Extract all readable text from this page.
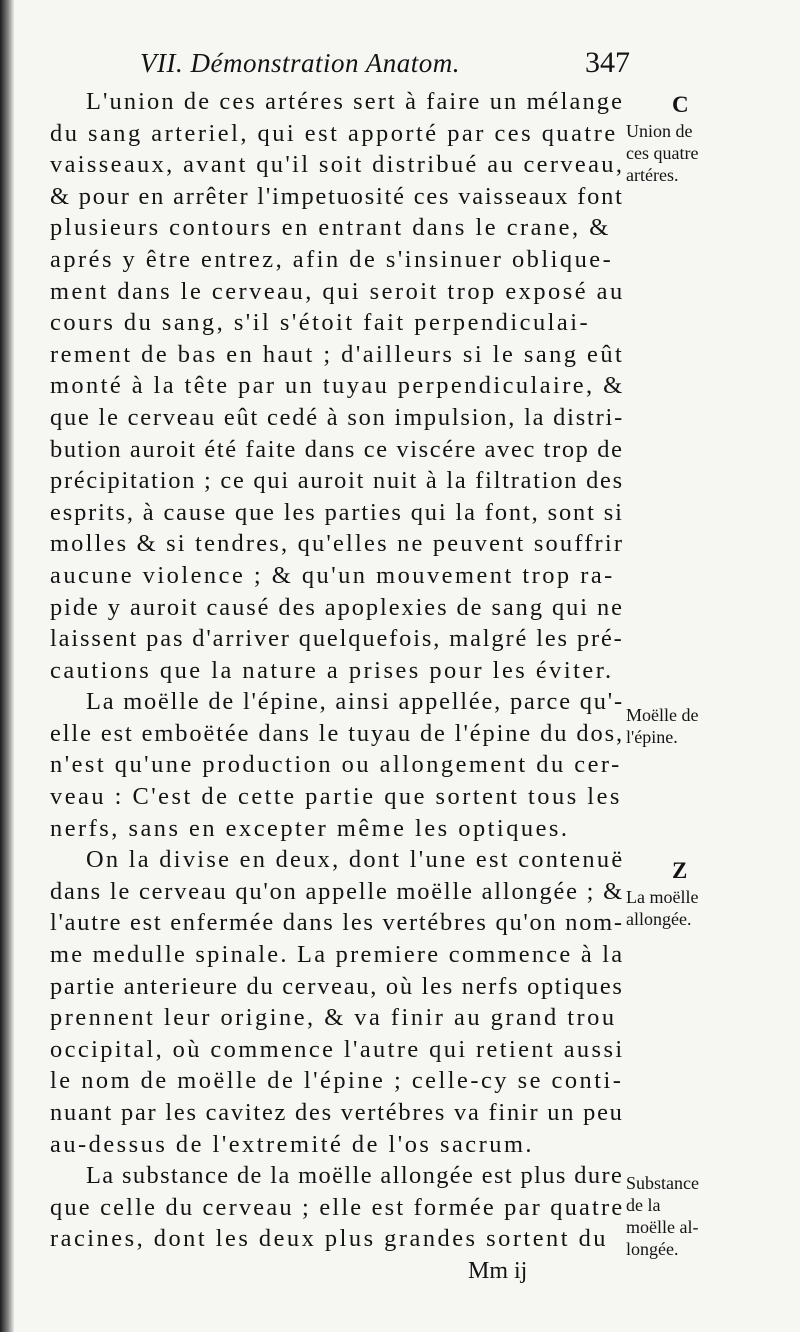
VII. Démonstration Anatom.	347

L'union de ces artéres sert à faire un mélange
du sang arteriel, qui est apporté par ces quatre
vaisseaux, avant qu'il soit distribué au cerveau,
& pour en arrêter l'impetuosité ces vaisseaux font
plusieurs contours en entrant dans le crane, &
aprés y être entrez, afin de s'insinuer oblique-
ment dans le cerveau, qui seroit trop exposé au
cours du sang, s'il s'étoit fait perpendiculai-
rement de bas en haut ; d'ailleurs si le sang eût
monté à la tête par un tuyau perpendiculaire, &
que le cerveau eût cedé à son impulsion, la distri-
bution auroit été faite dans ce viscére avec trop de
précipitation ; ce qui auroit nuit à la filtration des
esprits, à cause que les parties qui la font, sont si
molles & si tendres, qu'elles ne peuvent souffrir
aucune violence ; & qu'un mouvement trop ra-
pide y auroit causé des apoplexies de sang qui ne
laissent pas d'arriver quelquefois, malgré les pré-
cautions que la nature a prises pour les éviter.

La moëlle de l'épine, ainsi appellée, parce qu'-
elle est emboëtée dans le tuyau de l'épine du dos,
n'est qu'une production ou allongement du cer-
veau : C'est de cette partie que sortent tous les
nerfs, sans en excepter même les optiques.

On la divise en deux, dont l'une est contenuë
dans le cerveau qu'on appelle moëlle allongée ; &
l'autre est enfermée dans les vertébres qu'on nom-
me medulle spinale. La premiere commence à la
partie anterieure du cerveau, où les nerfs optiques
prennent leur origine, & va finir au grand trou
occipital, où commence l'autre qui retient aussi
le nom de moëlle de l'épine ; celle-cy se conti-
nuant par les cavitez des vertébres va finir un peu
au-dessus de l'extremité de l'os sacrum.

La substance de la moëlle allongée est plus dure
que celle du cerveau ; elle est formée par quatre
racines, dont les deux plus grandes sortent du

C
Union de
ces quatre
artéres.
Moëlle de
l'épine.
Z
La moëlle
allongée.
Substance
de la
moëlle al-
longée.
Mm ij
